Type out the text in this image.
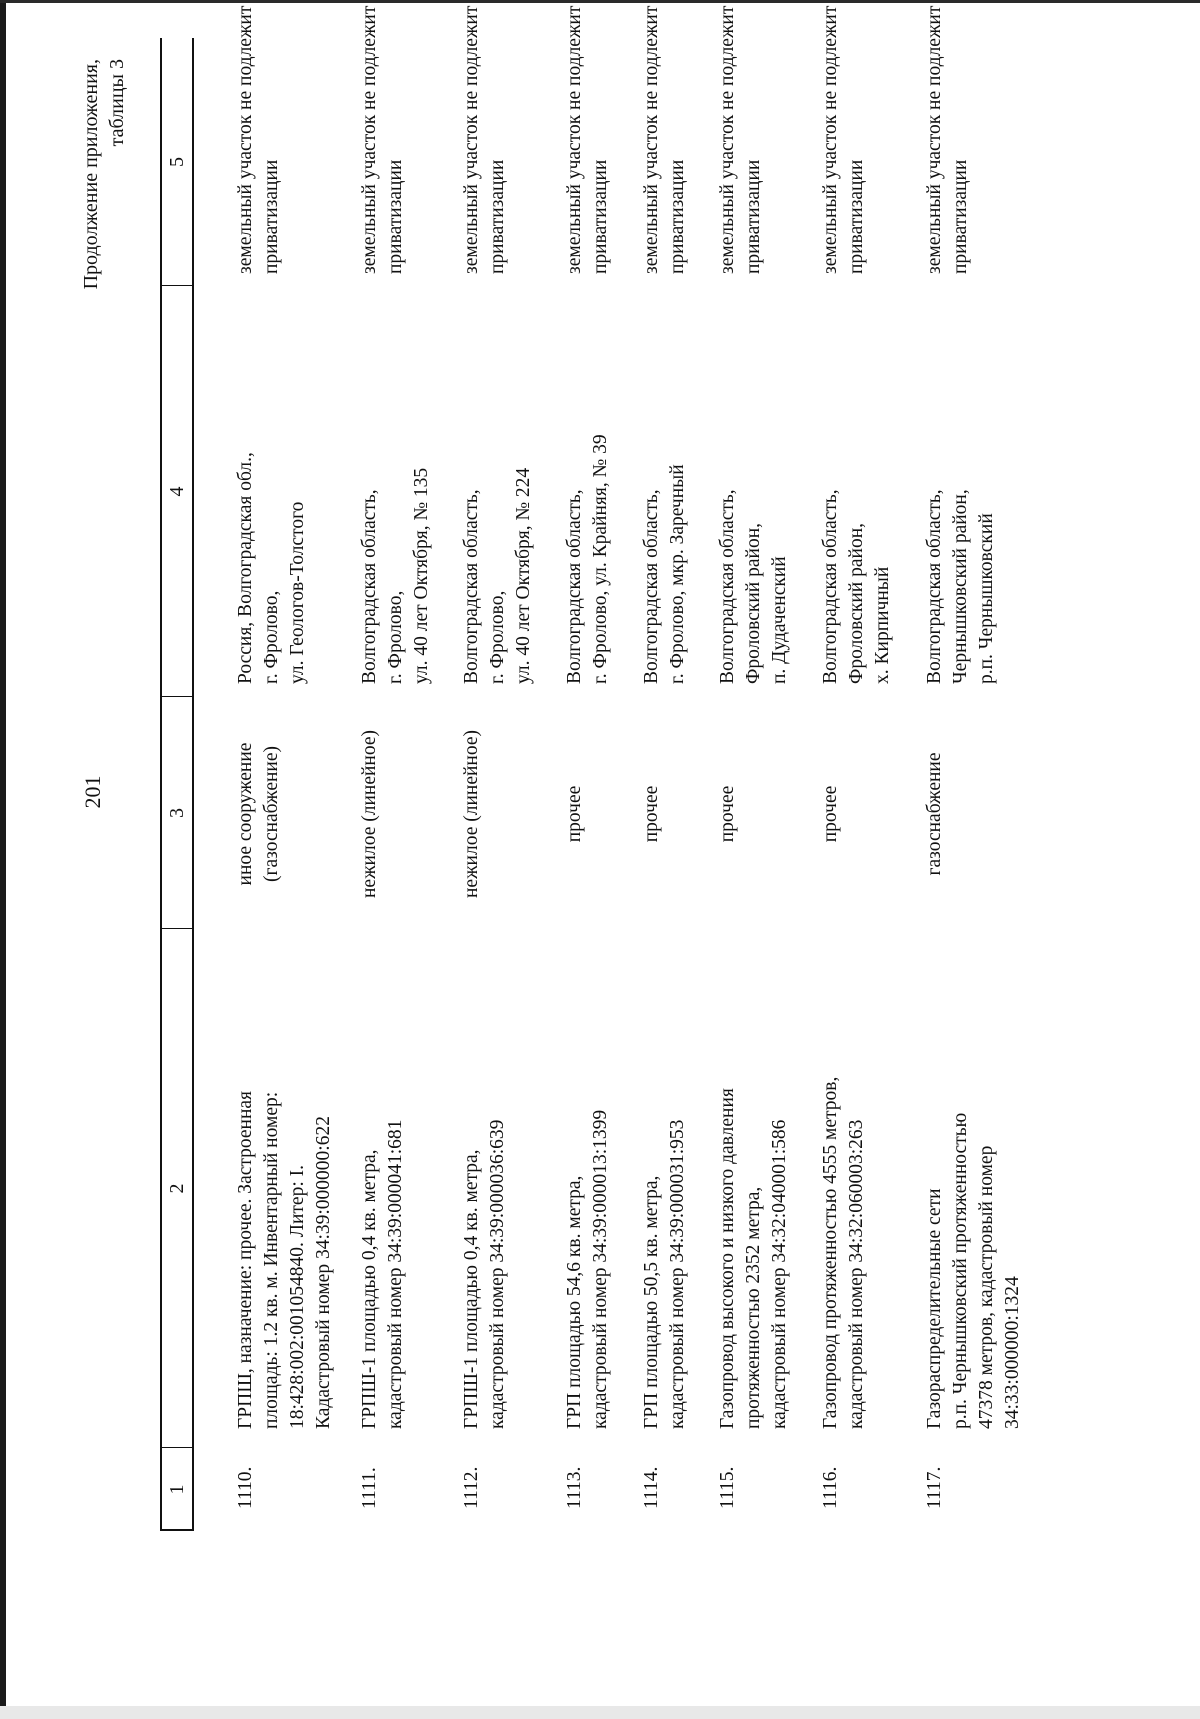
201
Продолжение приложения,
таблицы 3
1
2
3
4
5
1110.
ГРПШ, назначение: прочее. Застроенная
площадь: 1.2 кв. м. Инвентарный номер:
18:428:002:001054840. Литер: I.
Кадастровый номер 34:39:000000:622
иное сооружение
(газоснабжение)
Россия, Волгоградская обл.,
г. Фролово,
ул. Геологов-Толстого
земельный участок не подлежит
приватизации
1111.
ГРПШ-1 площадью 0,4 кв. метра,
кадастровый номер 34:39:000041:681
нежилое (линейное)
Волгоградская область,
г. Фролово,
ул. 40 лет Октября, № 135
земельный участок не подлежит
приватизации
1112.
ГРПШ-1 площадью 0,4 кв. метра,
кадастровый номер 34:39:000036:639
нежилое (линейное)
Волгоградская область,
г. Фролово,
ул. 40 лет Октября, № 224
земельный участок не подлежит
приватизации
1113.
ГРП площадью 54,6 кв. метра,
кадастровый номер 34:39:000013:1399
прочее
Волгоградская область,
г. Фролово, ул. Крайняя, № 39
земельный участок не подлежит
приватизации
1114.
ГРП площадью 50,5 кв. метра,
кадастровый номер 34:39:000031:953
прочее
Волгоградская область,
г. Фролово, мкр. Заречный
земельный участок не подлежит
приватизации
1115.
Газопровод высокого и низкого давления
протяженностью 2352 метра,
кадастровый номер 34:32:040001:586
прочее
Волгоградская область,
Фроловский район,
п. Дудаченский
земельный участок не подлежит
приватизации
1116.
Газопровод протяженностью 4555 метров,
кадастровый номер 34:32:060003:263
прочее
Волгоградская область,
Фроловский район,
х. Кирпичный
земельный участок не подлежит
приватизации
1117.
Газораспределительные сети
р.п. Чернышковский протяженностью
47378 метров, кадастровый номер
34:33:000000:1324
газоснабжение
Волгоградская область,
Чернышковский район,
р.п. Чернышковский
земельный участок не подлежит
приватизации
